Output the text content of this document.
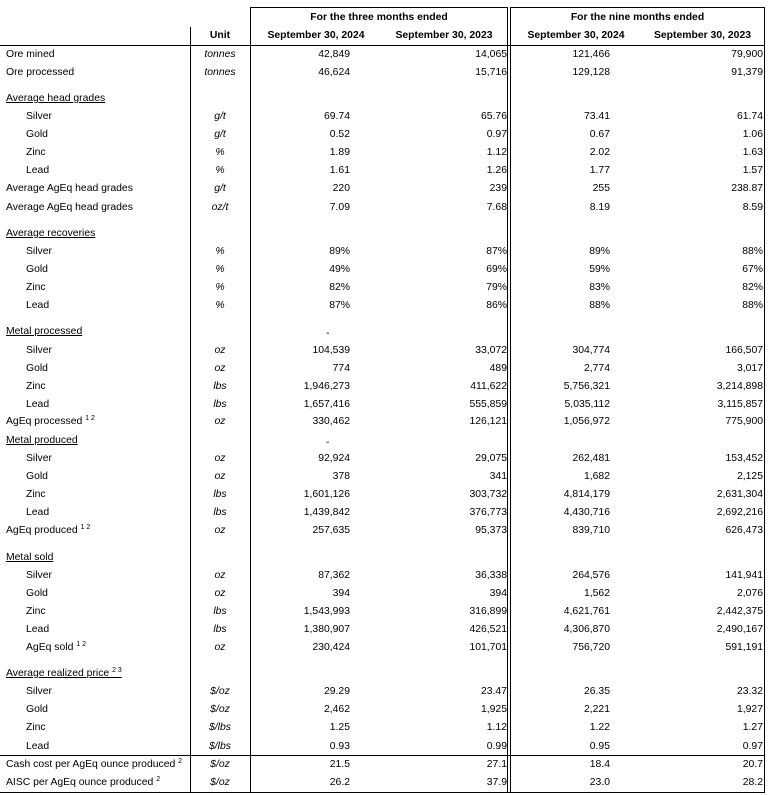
For the three months ended	For the nine months ended
Unit	September 30, 2024	September 30, 2023	September 30, 2024	September 30, 2023
Ore mined	tonnes	42,849	14,065	121,466	79,900
Ore processed	tonnes	46,624	15,716	129,128	91,379
Average head grades
Silver	g/t	69.74	65.76	73.41	61.74
Gold	g/t	0.52	0.97	0.67	1.06
Zinc	%	1.89	1.12	2.02	1.63
Lead	%	1.61	1.26	1.77	1.57
Average AgEq head grades	g/t	220	239	255	238.87
Average AgEq head grades	oz/t	7.09	7.68	8.19	8.59
Average recoveries
Silver	%	89%	87%	89%	88%
Gold	%	49%	69%	59%	67%
Zinc	%	82%	79%	83%	82%
Lead	%	87%	86%	88%	88%
Metal processed	-
Silver	oz	104,539	33,072	304,774	166,507
Gold	oz	774	489	2,774	3,017
Zinc	lbs	1,946,273	411,622	5,756,321	3,214,898
Lead	lbs	1,657,416	555,859	5,035,112	3,115,857
AgEq processed $^{1 2}$	oz	330,462	126,121	1,056,972	775,900
Metal produced	-
Silver	oz	92,924	29,075	262,481	153,452
Gold	oz	378	341	1,682	2,125
Zinc	lbs	1,601,126	303,732	4,814,179	2,631,304
Lead	lbs	1,439,842	376,773	4,430,716	2,692,216
AgEq produced $^{1 2}$	oz	257,635	95,373	839,710	626,473
Metal sold
Silver	oz	87,362	36,338	264,576	141,941
Gold	oz	394	394	1,562	2,076
Zinc	lbs	1,543,993	316,899	4,621,761	2,442,375
Lead	lbs	1,380,907	426,521	4,306,870	2,490,167
AgEq sold $^{1 2}$	oz	230,424	101,701	756,720	591,191
Average realized price $^{2 3}$
Silver	$/oz	29.29	23.47	26.35	23.32
Gold	$/oz	2,462	1,925	2,221	1,927
Zinc	$/lbs	1.25	1.12	1.22	1.27
Lead	$/lbs	0.93	0.99	0.95	0.97
Cash cost per AgEq ounce produced $^2$	$/oz	21.5	27.1	18.4	20.7
AISC per AgEq ounce produced $^2$	$/oz	26.2	37.9	23.0	28.2
